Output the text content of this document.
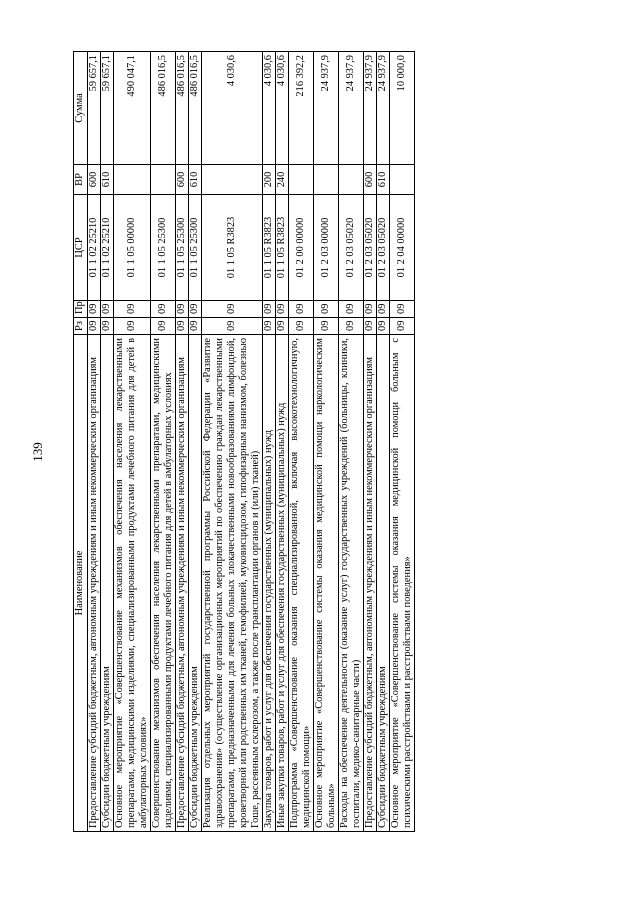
139
Наименование	Рз	Пр	ЦСР	ВР	Сумма
Предоставление субсидий бюджетным, автономным учреждениям и иным некоммерческим организациям	09	09	01 1 02 25210	600	59 657,1
Субсидии бюджетным учреждениям	09	09	01 1 02 25210	610	59 657,1
Основное мероприятие «Совершенствование механизмов обеспечения населения лекарственными препаратами, медицинскими изделиями, специализированными продуктами лечебного питания для детей в амбулаторных условиях»	09	09	01 1 05 00000		490 047,1
Совершенствование механизмов обеспечения населения лекарственными препаратами, медицинскими изделиями, специализированными продуктами лечебного питания для детей в амбулаторных условиях	09	09	01 1 05 25300		486 016,5
Предоставление субсидий бюджетным, автономным учреждениям и иным некоммерческим организациям	09	09	01 1 05 25300	600	486 016,5
Субсидии бюджетным учреждениям	09	09	01 1 05 25300	610	486 016,5
Реализация отдельных мероприятий государственной программы Российской Федерации «Развитие здравоохранения» (осуществление организационных мероприятий по обеспечению граждан лекарственными препаратами, предназначенными для лечения больных злокачественными новообразованиями лимфоидной, кроветворной или родственных им тканей, гемофилией, муковисцидозом, гипофизарным нанизмом, болезнью Гоше, рассеянным склерозом, а также после трансплантации органов и (или) тканей)	09	09	01 1 05 R3823		4 030,6
Закупка товаров, работ и услуг для обеспечения государственных (муниципальных) нужд	09	09	01 1 05 R3823	200	4 030,6
Иные закупки товаров, работ и услуг для обеспечения государственных (муниципальных) нужд	09	09	01 1 05 R3823	240	4 030,6
Подпрограмма «Совершенствование оказания специализированной, включая высокотехнологичную, медицинской помощи»	09	09	01 2 00 00000		216 392,2
Основное мероприятие «Совершенствование системы оказания медицинской помощи наркологическим больным»	09	09	01 2 03 00000		24 937,9
Расходы на обеспечение деятельности (оказание услуг) государственных учреждений (больницы, клиники, госпитали, медико-санитарные части)	09	09	01 2 03 05020		24 937,9
Предоставление субсидий бюджетным, автономным учреждениям и иным некоммерческим организациям	09	09	01 2 03 05020	600	24 937,9
Субсидии бюджетным учреждениям	09	09	01 2 03 05020	610	24 937,9
Основное мероприятие «Совершенствование системы оказания медицинской помощи больным с психическими расстройствами и расстройствами поведения»	09	09	01 2 04 00000		10 000,0
